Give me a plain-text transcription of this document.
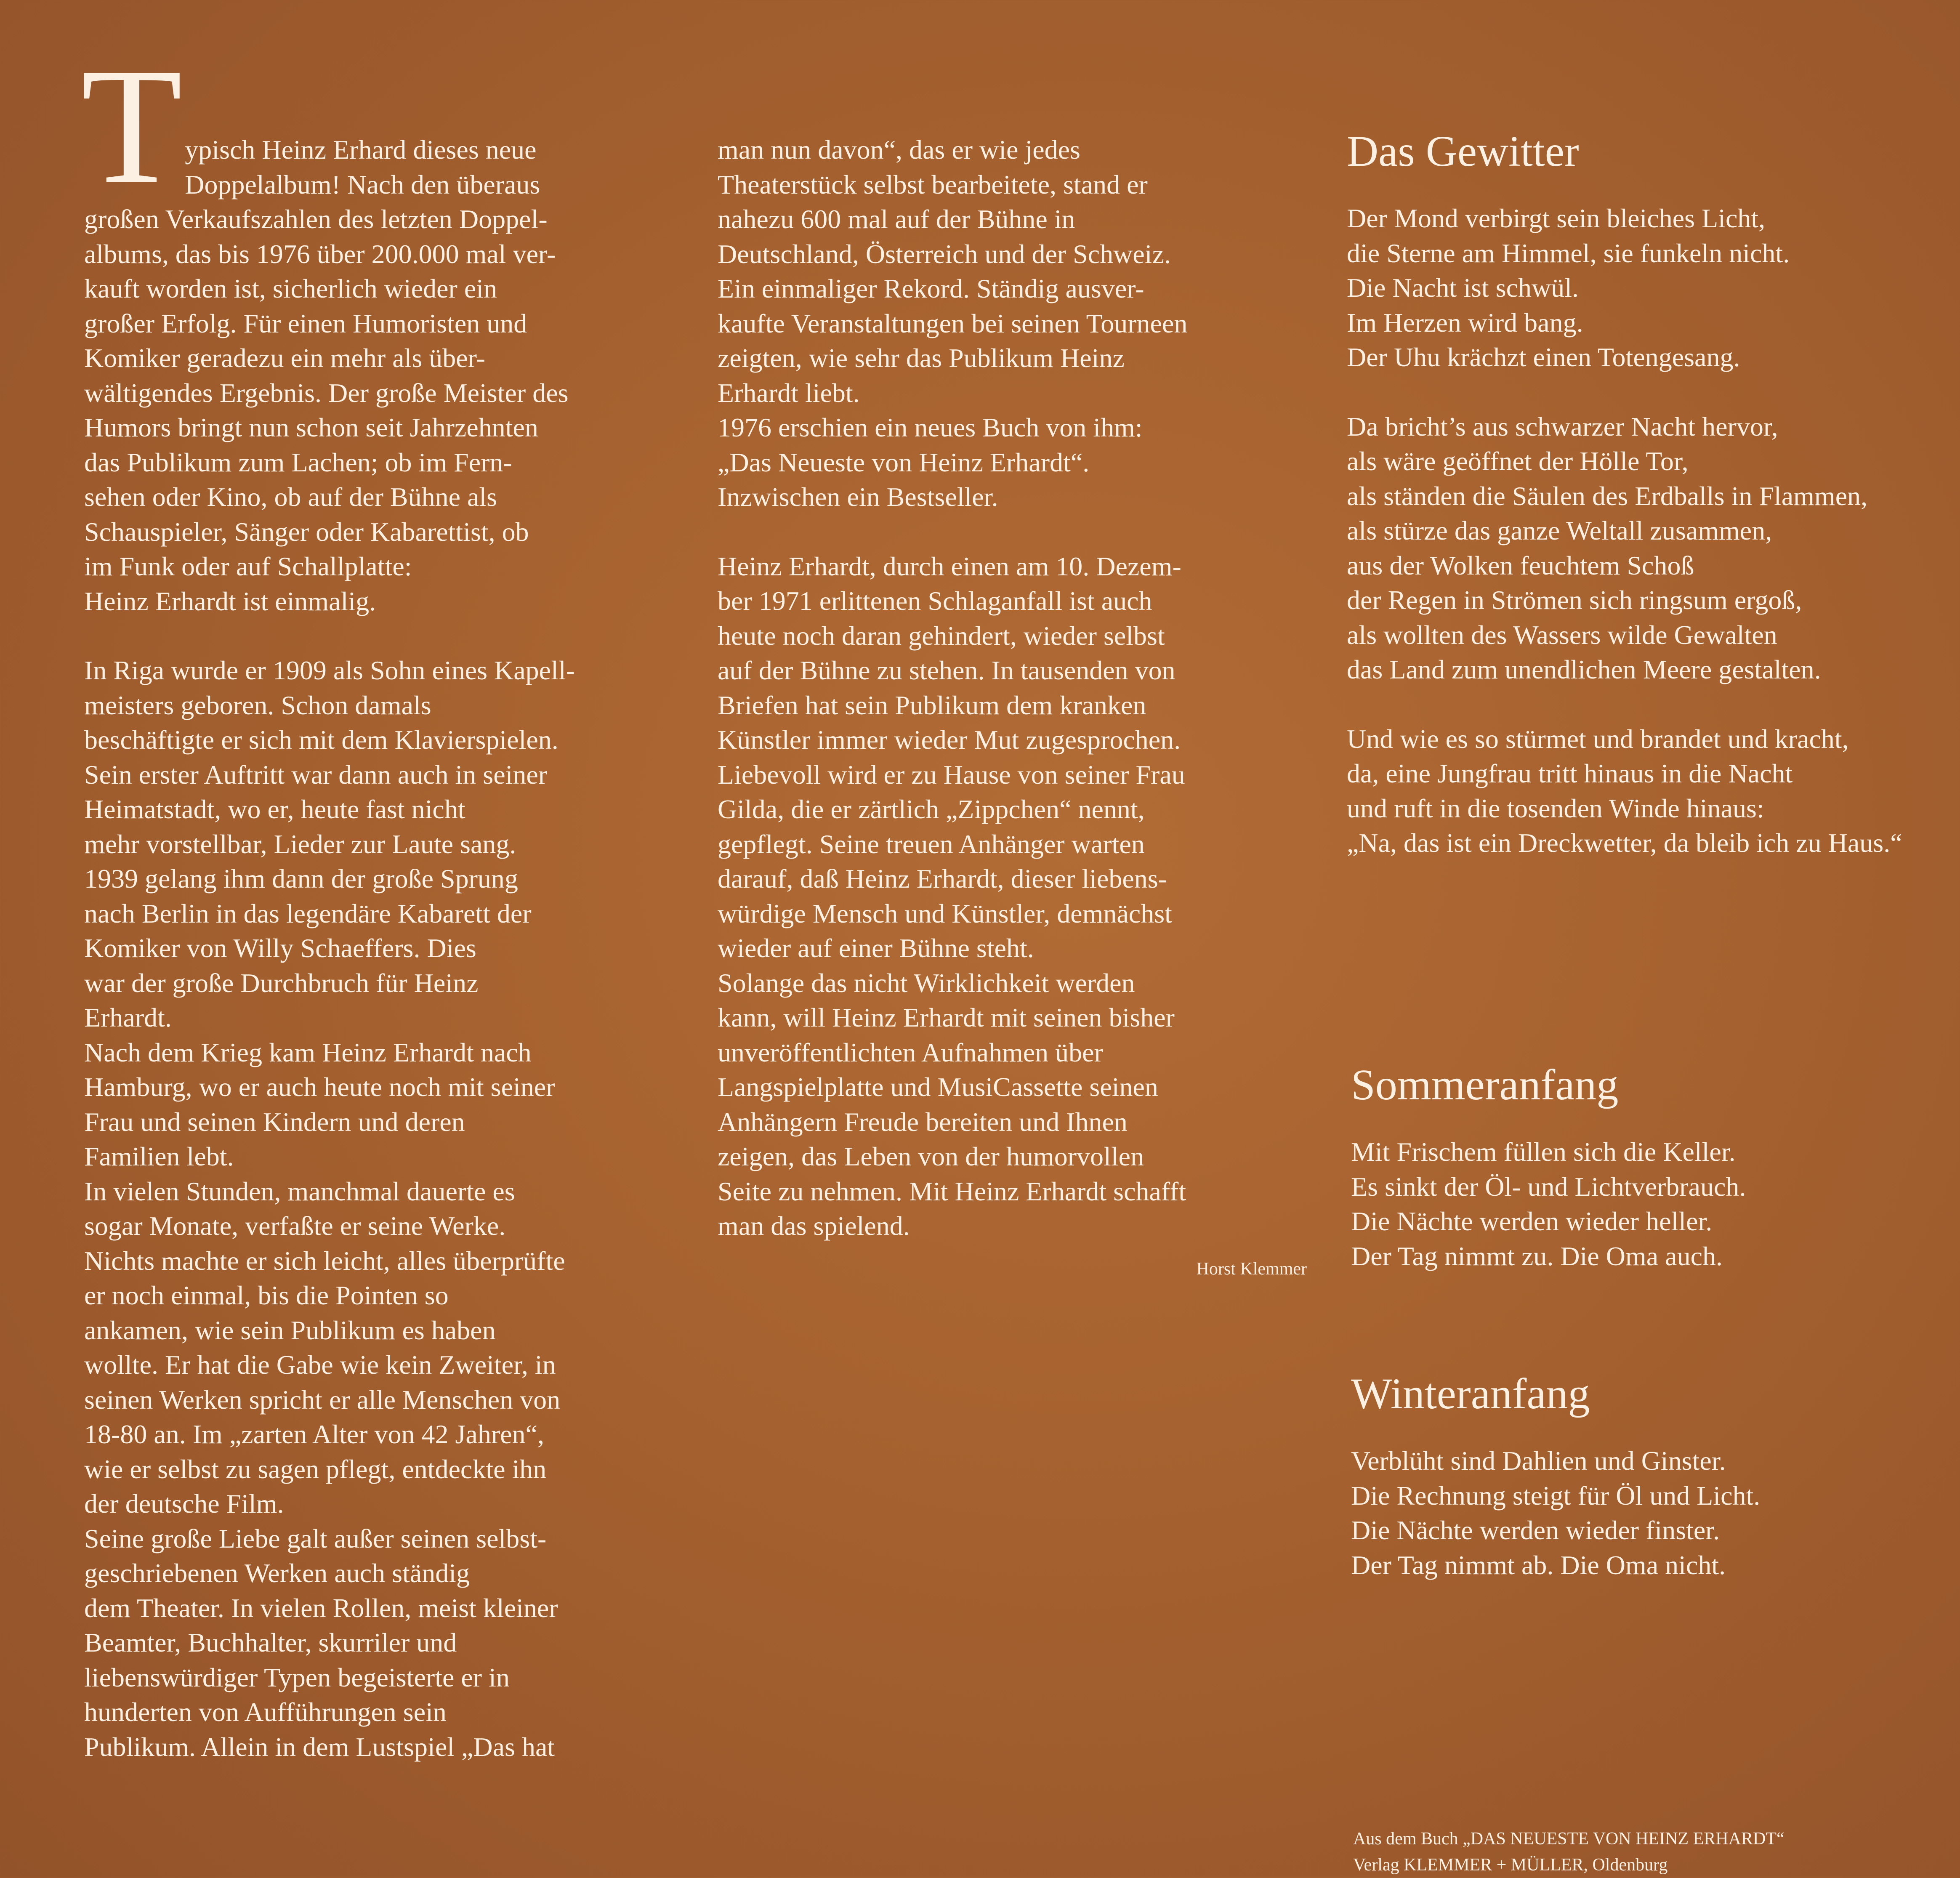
T ypisch Heinz Erhard dieses neue
Doppelalbum! Nach den überaus
großen Verkaufszahlen des letzten Doppel-
albums, das bis 1976 über 200.000 mal ver-
kauft worden ist, sicherlich wieder ein
großer Erfolg. Für einen Humoristen und
Komiker geradezu ein mehr als über-
wältigendes Ergebnis. Der große Meister des
Humors bringt nun schon seit Jahrzehnten
das Publikum zum Lachen; ob im Fern-
sehen oder Kino, ob auf der Bühne als
Schauspieler, Sänger oder Kabarettist, ob
im Funk oder auf Schallplatte:
Heinz Erhardt ist einmalig.

In Riga wurde er 1909 als Sohn eines Kapell-
meisters geboren. Schon damals
beschäftigte er sich mit dem Klavierspielen.
Sein erster Auftritt war dann auch in seiner
Heimatstadt, wo er, heute fast nicht
mehr vorstellbar, Lieder zur Laute sang.
1939 gelang ihm dann der große Sprung
nach Berlin in das legendäre Kabarett der
Komiker von Willy Schaeffers. Dies
war der große Durchbruch für Heinz
Erhardt.
Nach dem Krieg kam Heinz Erhardt nach
Hamburg, wo er auch heute noch mit seiner
Frau und seinen Kindern und deren
Familien lebt.
In vielen Stunden, manchmal dauerte es
sogar Monate, verfaßte er seine Werke.
Nichts machte er sich leicht, alles überprüfte
er noch einmal, bis die Pointen so
ankamen, wie sein Publikum es haben
wollte. Er hat die Gabe wie kein Zweiter, in
seinen Werken spricht er alle Menschen von
18-80 an. Im „zarten Alter von 42 Jahren“,
wie er selbst zu sagen pflegt, entdeckte ihn
der deutsche Film.
Seine große Liebe galt außer seinen selbst-
geschriebenen Werken auch ständig
dem Theater. In vielen Rollen, meist kleiner
Beamter, Buchhalter, skurriler und
liebenswürdiger Typen begeisterte er in
hunderten von Aufführungen sein
Publikum. Allein in dem Lustspiel „Das hat

man nun davon“, das er wie jedes
Theaterstück selbst bearbeitete, stand er
nahezu 600 mal auf der Bühne in
Deutschland, Österreich und der Schweiz.
Ein einmaliger Rekord. Ständig ausver-
kaufte Veranstaltungen bei seinen Tourneen
zeigten, wie sehr das Publikum Heinz
Erhardt liebt.
1976 erschien ein neues Buch von ihm:
„Das Neueste von Heinz Erhardt“.
Inzwischen ein Bestseller.

Heinz Erhardt, durch einen am 10. Dezem-
ber 1971 erlittenen Schlaganfall ist auch
heute noch daran gehindert, wieder selbst
auf der Bühne zu stehen. In tausenden von
Briefen hat sein Publikum dem kranken
Künstler immer wieder Mut zugesprochen.
Liebevoll wird er zu Hause von seiner Frau
Gilda, die er zärtlich „Zippchen“ nennt,
gepflegt. Seine treuen Anhänger warten
darauf, daß Heinz Erhardt, dieser liebens-
würdige Mensch und Künstler, demnächst
wieder auf einer Bühne steht.
Solange das nicht Wirklichkeit werden
kann, will Heinz Erhardt mit seinen bisher
unveröffentlichten Aufnahmen über
Langspielplatte und MusiCassette seinen
Anhängern Freude bereiten und Ihnen
zeigen, das Leben von der humorvollen
Seite zu nehmen. Mit Heinz Erhardt schafft
man das spielend.

Horst Klemmer
Das Gewitter
Der Mond verbirgt sein bleiches Licht,
die Sterne am Himmel, sie funkeln nicht.
Die Nacht ist schwül.
Im Herzen wird bang.
Der Uhu krächzt einen Totengesang.
Da bricht’s aus schwarzer Nacht hervor,
als wäre geöffnet der Hölle Tor,
als ständen die Säulen des Erdballs in Flammen,
als stürze das ganze Weltall zusammen,
aus der Wolken feuchtem Schoß
der Regen in Strömen sich ringsum ergoß,
als wollten des Wassers wilde Gewalten
das Land zum unendlichen Meere gestalten.
Und wie es so stürmet und brandet und kracht,
da, eine Jungfrau tritt hinaus in die Nacht
und ruft in die tosenden Winde hinaus:
„Na, das ist ein Dreckwetter, da bleib ich zu Haus.“
Sommeranfang
Mit Frischem füllen sich die Keller.
Es sinkt der Öl- und Lichtverbrauch.
Die Nächte werden wieder heller.
Der Tag nimmt zu. Die Oma auch.
Winteranfang
Verblüht sind Dahlien und Ginster.
Die Rechnung steigt für Öl und Licht.
Die Nächte werden wieder finster.
Der Tag nimmt ab. Die Oma nicht.
Aus dem Buch „DAS NEUESTE VON HEINZ ERHARDT“
Verlag KLEMMER + MÜLLER, Oldenburg
